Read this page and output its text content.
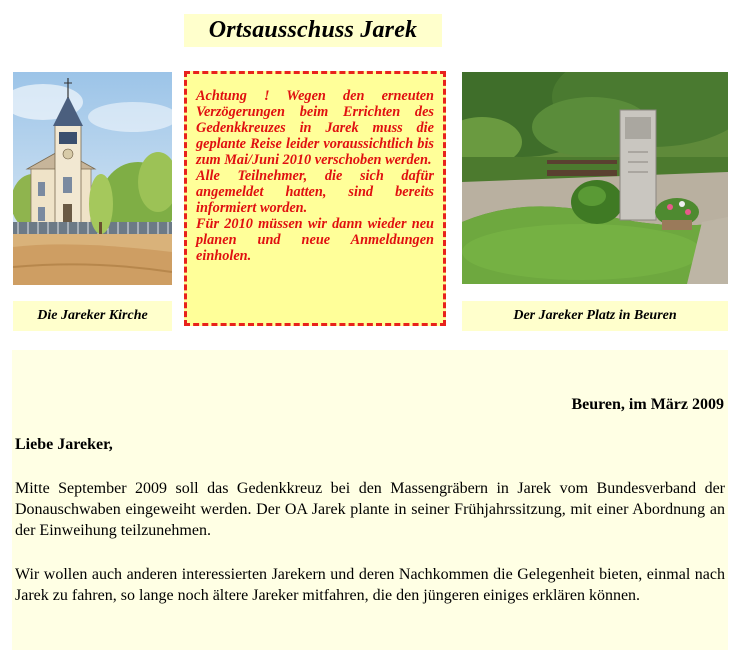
Ortsausschuss Jarek

Achtung ! Wegen den erneuten Verzögerungen beim Errichten des Gedenkkreuzes in Jarek muss die geplante Reise leider voraussichtlich bis zum Mai/Juni 2010 verschoben werden.

Alle Teilnehmer, die sich dafür angemeldet hatten, sind bereits informiert worden.

Für 2010 müssen wir dann wieder neu planen und neue Anmeldungen einholen.

Die Jareker Kirche	Der Jareker Platz in Beuren
Beuren, im März 2009
Liebe Jareker,

Mitte September 2009 soll das Gedenkkreuz bei den Massengräbern in Jarek vom Bundesverband der Donauschwaben eingeweiht werden. Der OA Jarek plante in seiner Frühjahrssitzung, mit einer Abordnung an der Einweihung teilzunehmen.

Wir wollen auch anderen interessierten Jarekern und deren Nachkommen die Gelegenheit bieten, einmal nach Jarek zu fahren, so lange noch ältere Jareker mitfahren, die den jüngeren einiges erklären können.
